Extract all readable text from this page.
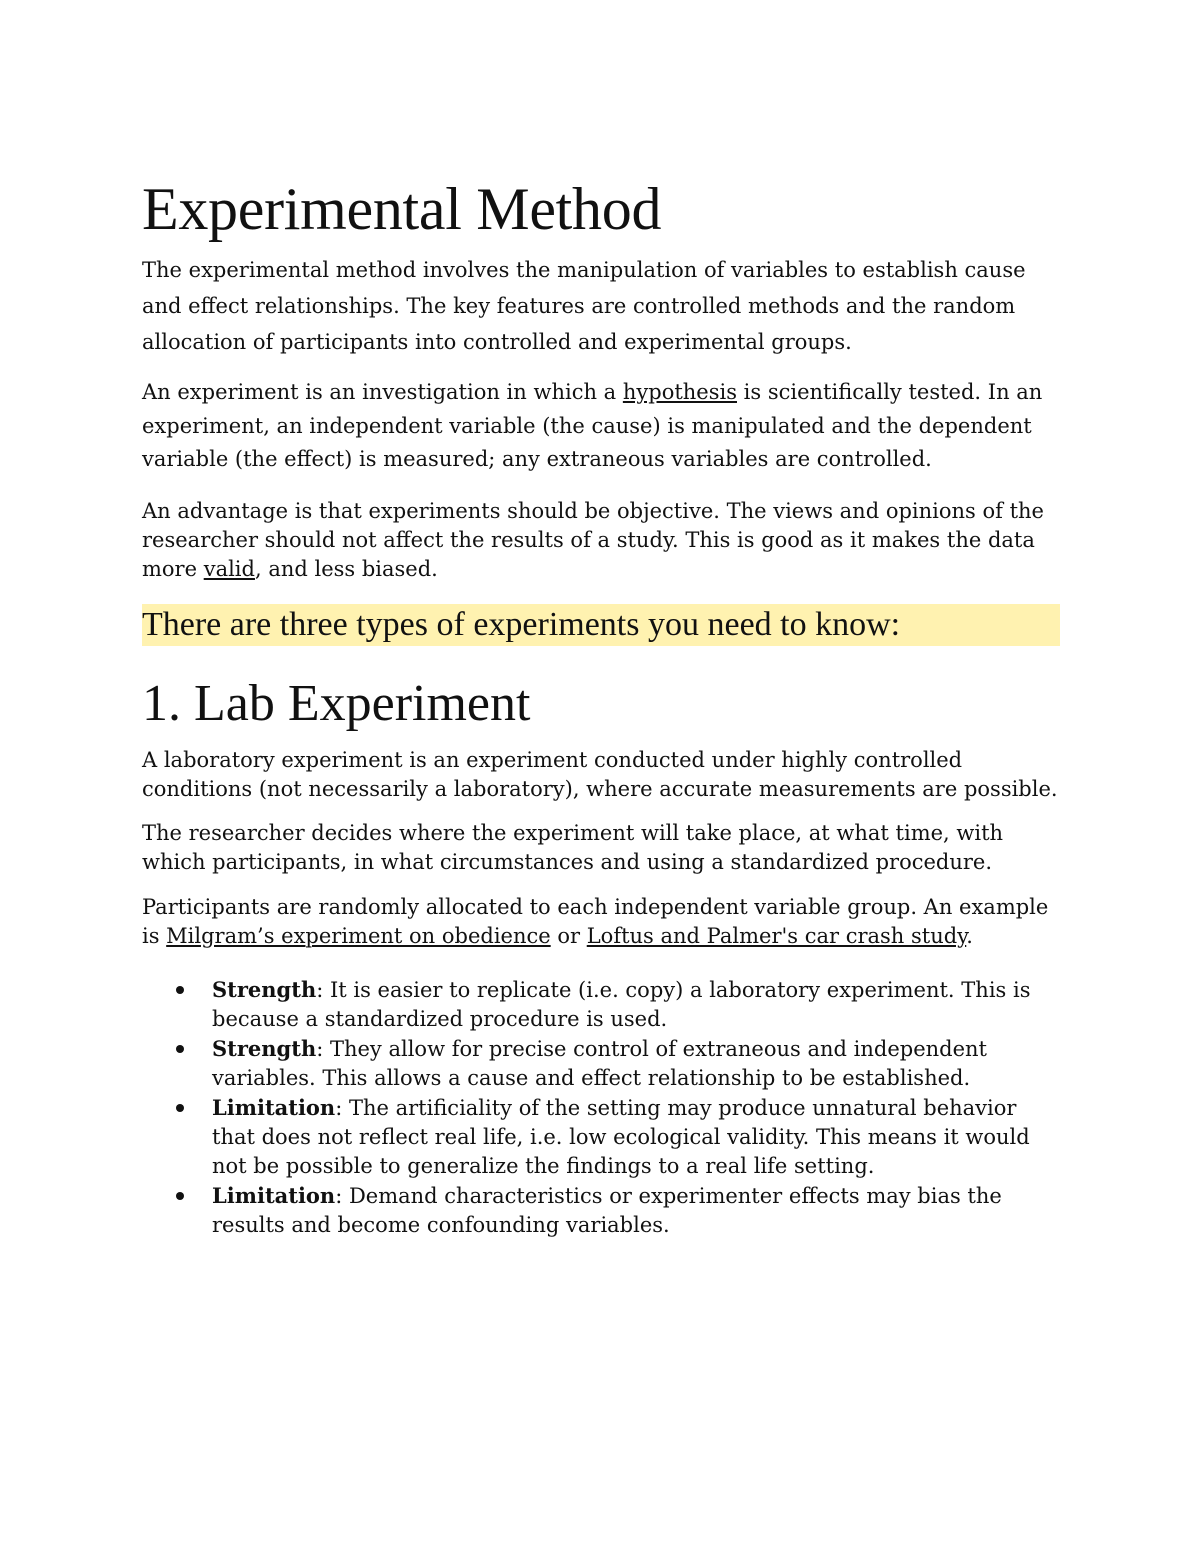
Experimental Method

The experimental method involves the manipulation of variables to establish cause and effect relationships. The key features are controlled methods and the random allocation of participants into controlled and experimental groups.

An experiment is an investigation in which a hypothesis is scientifically tested. In an experiment, an independent variable (the cause) is manipulated and the dependent variable (the effect) is measured; any extraneous variables are controlled.

An advantage is that experiments should be objective. The views and opinions of the researcher should not affect the results of a study. This is good as it makes the data more valid, and less biased.

There are three types of experiments you need to know:
1. Lab Experiment

A laboratory experiment is an experiment conducted under highly controlled conditions (not necessarily a laboratory), where accurate measurements are possible.

The researcher decides where the experiment will take place, at what time, with which participants, in what circumstances and using a standardized procedure.

Participants are randomly allocated to each independent variable group. An example is Milgram’s experiment on obedience or Loftus and Palmer's car crash study.

Strength: It is easier to replicate (i.e. copy) a laboratory experiment. This is because a standardized procedure is used.
Strength: They allow for precise control of extraneous and independent variables. This allows a cause and effect relationship to be established.
Limitation: The artificiality of the setting may produce unnatural behavior that does not reflect real life, i.e. low ecological validity. This means it would not be possible to generalize the findings to a real life setting.
Limitation: Demand characteristics or experimenter effects may bias the results and become confounding variables.
